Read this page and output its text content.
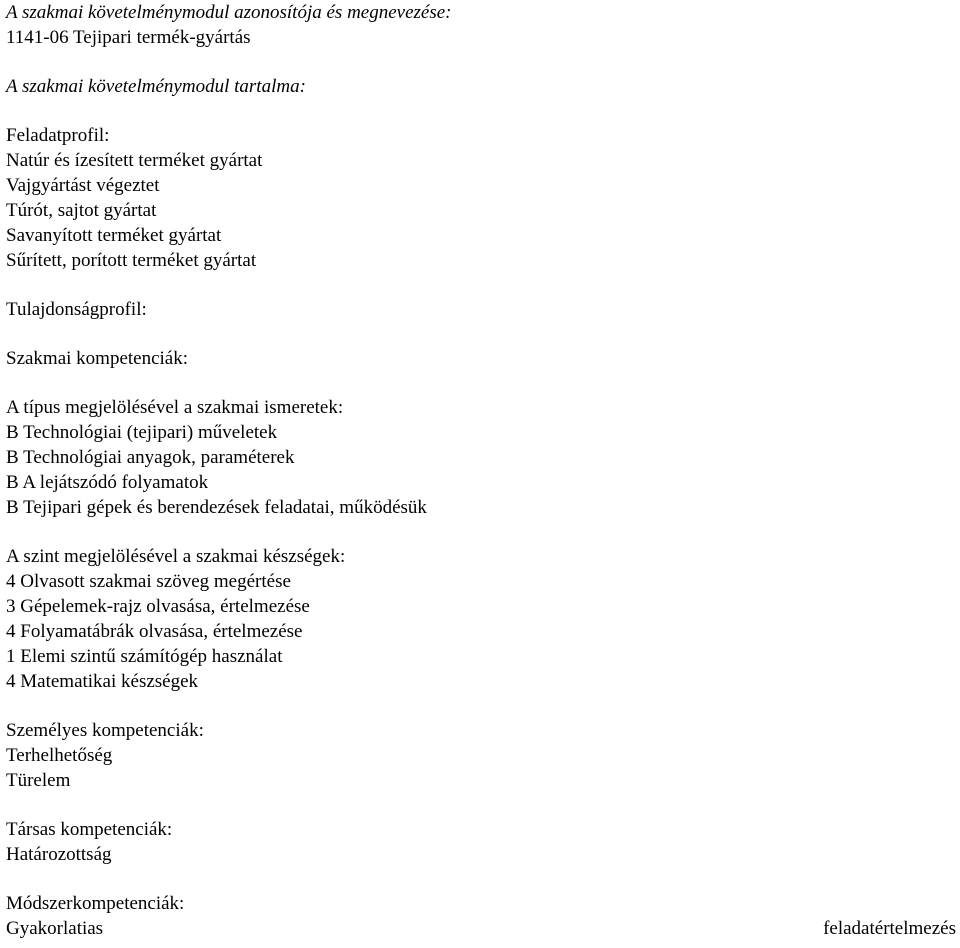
A szakmai követelménymodul azonosítója és megnevezése:
1141-06 Tejipari termék-gyártás
A szakmai követelménymodul tartalma:
Feladatprofil:
Natúr és ízesített terméket gyártat
Vajgyártást végeztet
Túrót, sajtot gyártat
Savanyított terméket gyártat
Sűrített, porított terméket gyártat
Tulajdonságprofil:
Szakmai kompetenciák:
A típus megjelölésével a szakmai ismeretek:
B Technológiai (tejipari) műveletek
B Technológiai anyagok, paraméterek
B A lejátszódó folyamatok
B Tejipari gépek és berendezések feladatai, működésük
A szint megjelölésével a szakmai készségek:
4 Olvasott szakmai szöveg megértése
3 Gépelemek-rajz olvasása, értelmezése
4 Folyamatábrák olvasása, értelmezése
1 Elemi szintű számítógép használat
4 Matematikai készségek
Személyes kompetenciák:
Terhelhetőség
Türelem
Társas kompetenciák:
Határozottság
Módszerkompetenciák:
Gyakorlatias	feladatértelmezés
